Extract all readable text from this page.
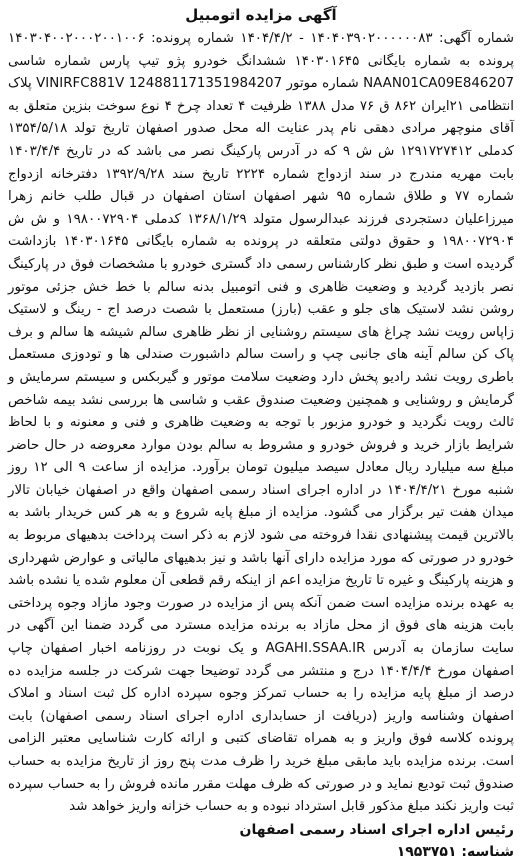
آگهی مزایده اتومبیل

شماره آگهی: ۱۴۰۴۰۳۹۰۲۰۰۰۰۰۰۸۳ - ۱۴۰۴/۴/۲ شماره پرونده: ۱۴۰۳۰۴۰۰۲۰۰۰۲۰۰۱۰۰۶ پرونده به شماره بایگانی ۱۴۰۳۰۱۶۴۵ ششدانگ خودرو پژو تیپ پارس شماره شاسی NAAN01CA09E846207 شماره موتور 124881171351984207 VINIRFC881V پلاک انتظامی ۲۱ایران ۸۶۲ ق ۷۶ مدل ۱۳۸۸ ظرفیت ۴ تعداد چرخ ۴ نوع سوخت بنزین متعلق به آقای منوچهر مرادی دهقی نام پدر عنایت اله محل صدور اصفهان تاریخ تولد ۱۳۵۴/۵/۱۸ کدملی ۱۲۹۱۷۲۷۴۱۲ ش ش ۹ که در آدرس پارکینگ نصر می باشد که در تاریخ ۱۴۰۳/۴/۴ بابت مهریه مندرج در سند ازدواج شماره ۲۲۲۴ تاریخ سند ۱۳۹۲/۹/۲۸ دفترخانه ازدواج شماره ۷۷ و طلاق شماره ۹۵ شهر اصفهان استان اصفهان در قبال طلب خانم زهرا میرزاعلیان دستجردی فرزند عبدالرسول متولد ۱۳۶۸/۱/۲۹ کدملی ۱۹۸۰۰۷۲۹۰۴ و ش ش ۱۹۸۰۰۷۲۹۰۴ و حقوق دولتی متعلقه در پرونده به شماره بایگانی ۱۴۰۳۰۱۶۴۵ بازداشت گردیده است و طبق نظر کارشناس رسمی داد گستری خودرو با مشخصات فوق در پارکینگ نصر بازدید گردید و وضعیت ظاهری و فنی اتومبیل بدنه سالم با خط خش جزئی موتور روشن نشد لاستیک های جلو و عقب (بارز) مستعمل با شصت درصد اج - رینگ و لاستیک زاپاس رویت نشد چراغ های سیستم روشنایی از نظر ظاهری سالم شیشه ها سالم و برف پاک کن سالم آینه های جانبی چپ و راست سالم داشبورت صندلی ها و تودوزی مستعمل باطری رویت نشد رادیو پخش دارد وضعیت سلامت موتور و گیربکس و سیستم سرمایش و گرمایش و روشنایی و همچنین وضعیت صندوق عقب و شاسی ها بررسی نشد بیمه شاخص ثالث رویت نگردید و خودرو مزبور با توجه به وضعیت ظاهری و فنی و معنونه و با لحاظ شرایط بازار خرید و فروش خودرو و مشروط به سالم بودن موارد معروضه در حال حاضر مبلغ سه میلیارد ریال معادل سیصد میلیون تومان برآورد. مزایده از ساعت ۹ الی ۱۲ روز شنبه مورخ ۱۴۰۴/۴/۲۱ در اداره اجرای اسناد رسمی اصفهان واقع در اصفهان خیابان تالار میدان هفت تیر برگزار می گشود. مزایده از مبلغ پایه شروع و به هر کس خریدار باشد به بالاترین قیمت پیشنهادی نقدا فروخته می شود لازم به ذکر است پرداخت بدهیهای مربوط به خودرو در صورتی که مورد مزایده دارای آنها باشد و نیز بدهیهای مالیاتی و عوارض شهرداری و هزینه پارکینگ و غیره تا تاریخ مزایده اعم از اینکه رقم قطعی آن معلوم شده یا نشده باشد به عهده برنده مزایده است ضمن آنکه پس از مزایده در صورت وجود مازاد وجوه پرداختی بابت هزینه های فوق از محل مازاد به برنده مزایده مسترد می گردد ضمنا این آگهی در سایت سازمان به آدرس AGAHI.SSAA.IR و یک نوبت در روزنامه اخبار اصفهان چاپ اصفهان مورخ ۱۴۰۴/۴/۴ درج و منتشر می گردد توضیحا جهت شرکت در جلسه مزایده ده درصد از مبلغ پایه مزایده را به حساب تمرکز وجوه سپرده اداره کل ثبت اسناد و املاک اصفهان وشناسه واریز (دریافت از حسابداری اداره اجرای اسناد رسمی اصفهان) بابت پرونده کلاسه فوق واریز و به همراه تقاضای کتبی و ارائه کارت شناسایی معتبر الزامی است. برنده مزایده باید مابقی مبلغ خرید را ظرف مدت پنج روز از تاریخ مزایده به حساب صندوق ثبت تودیع نماید و در صورتی که ظرف مهلت مقرر مانده فروش را به حساب سپرده ثبت واریز نکند مبلغ مذکور قابل استرداد نبوده و به حساب خزانه واریز خواهد شد

رئیس اداره اجرای اسناد رسمی اصفهان
شناسه: ۱۹۵۳۷۵۱
